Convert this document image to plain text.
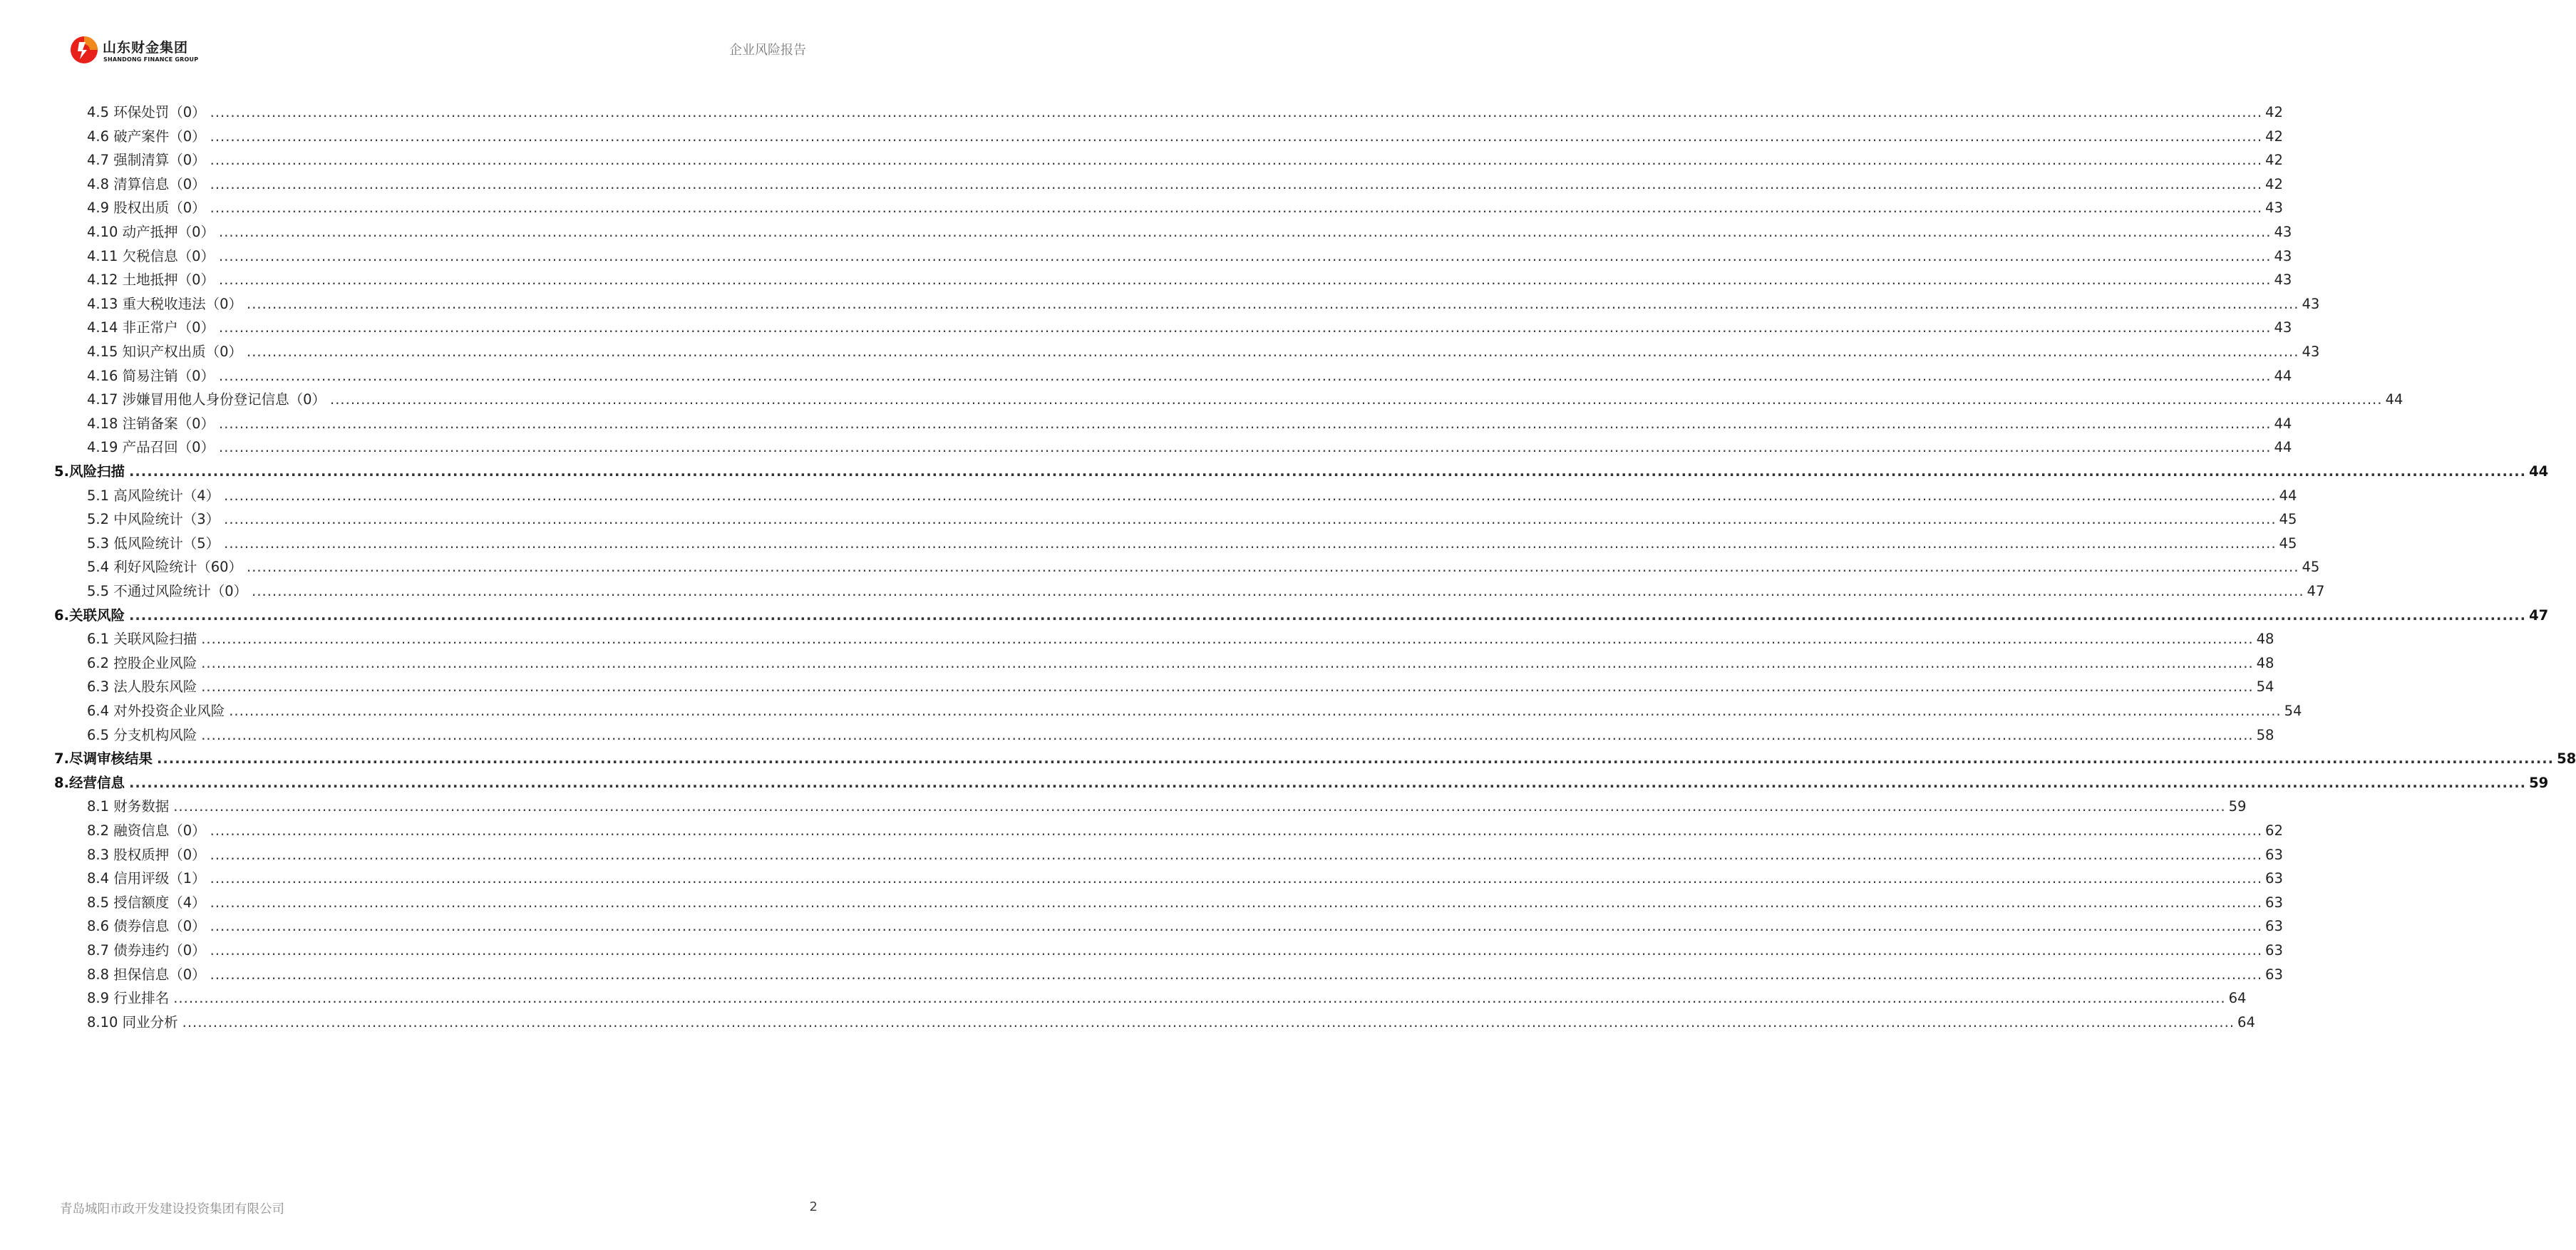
山东财金集团
SHANDONG FINANCE GROUP
企业风险报告
4.5 环保处罚（0） ................................................................................................................................................................................................................................................................................................................................................................................................................ 42
4.6 破产案件（0） ................................................................................................................................................................................................................................................................................................................................................................................................................ 42
4.7 强制清算（0） ................................................................................................................................................................................................................................................................................................................................................................................................................ 42
4.8 清算信息（0） ................................................................................................................................................................................................................................................................................................................................................................................................................ 42
4.9 股权出质（0） ................................................................................................................................................................................................................................................................................................................................................................................................................ 43
4.10 动产抵押（0） ................................................................................................................................................................................................................................................................................................................................................................................................................ 43
4.11 欠税信息（0） ................................................................................................................................................................................................................................................................................................................................................................................................................ 43
4.12 土地抵押（0） ................................................................................................................................................................................................................................................................................................................................................................................................................ 43
4.13 重大税收违法（0） ................................................................................................................................................................................................................................................................................................................................................................................................................ 43
4.14 非正常户（0） ................................................................................................................................................................................................................................................................................................................................................................................................................ 43
4.15 知识产权出质（0） ................................................................................................................................................................................................................................................................................................................................................................................................................ 43
4.16 简易注销（0） ................................................................................................................................................................................................................................................................................................................................................................................................................ 44
4.17 涉嫌冒用他人身份登记信息（0） ................................................................................................................................................................................................................................................................................................................................................................................................................ 44
4.18 注销备案（0） ................................................................................................................................................................................................................................................................................................................................................................................................................ 44
4.19 产品召回（0） ................................................................................................................................................................................................................................................................................................................................................................................................................ 44
5.风险扫描 ................................................................................................................................................................................................................................................................................................................................................................................................................ 44
5.1 高风险统计（4） ................................................................................................................................................................................................................................................................................................................................................................................................................ 44
5.2 中风险统计（3） ................................................................................................................................................................................................................................................................................................................................................................................................................ 45
5.3 低风险统计（5） ................................................................................................................................................................................................................................................................................................................................................................................................................ 45
5.4 利好风险统计（60） ................................................................................................................................................................................................................................................................................................................................................................................................................ 45
5.5 不通过风险统计（0） ................................................................................................................................................................................................................................................................................................................................................................................................................ 47
6.关联风险 ................................................................................................................................................................................................................................................................................................................................................................................................................ 47
6.1 关联风险扫描 ................................................................................................................................................................................................................................................................................................................................................................................................................ 48
6.2 控股企业风险 ................................................................................................................................................................................................................................................................................................................................................................................................................ 48
6.3 法人股东风险 ................................................................................................................................................................................................................................................................................................................................................................................................................ 54
6.4 对外投资企业风险 ................................................................................................................................................................................................................................................................................................................................................................................................................ 54
6.5 分支机构风险 ................................................................................................................................................................................................................................................................................................................................................................................................................ 58
7.尽调审核结果 ................................................................................................................................................................................................................................................................................................................................................................................................................ 58
8.经营信息 ................................................................................................................................................................................................................................................................................................................................................................................................................ 59
8.1 财务数据 ................................................................................................................................................................................................................................................................................................................................................................................................................ 59
8.2 融资信息（0） ................................................................................................................................................................................................................................................................................................................................................................................................................ 62
8.3 股权质押（0） ................................................................................................................................................................................................................................................................................................................................................................................................................ 63
8.4 信用评级（1） ................................................................................................................................................................................................................................................................................................................................................................................................................ 63
8.5 授信额度（4） ................................................................................................................................................................................................................................................................................................................................................................................................................ 63
8.6 债券信息（0） ................................................................................................................................................................................................................................................................................................................................................................................................................ 63
8.7 债券违约（0） ................................................................................................................................................................................................................................................................................................................................................................................................................ 63
8.8 担保信息（0） ................................................................................................................................................................................................................................................................................................................................................................................................................ 63
8.9 行业排名 ................................................................................................................................................................................................................................................................................................................................................................................................................ 64
8.10 同业分析 ................................................................................................................................................................................................................................................................................................................................................................................................................ 64
青岛城阳市政开发建设投资集团有限公司	2
